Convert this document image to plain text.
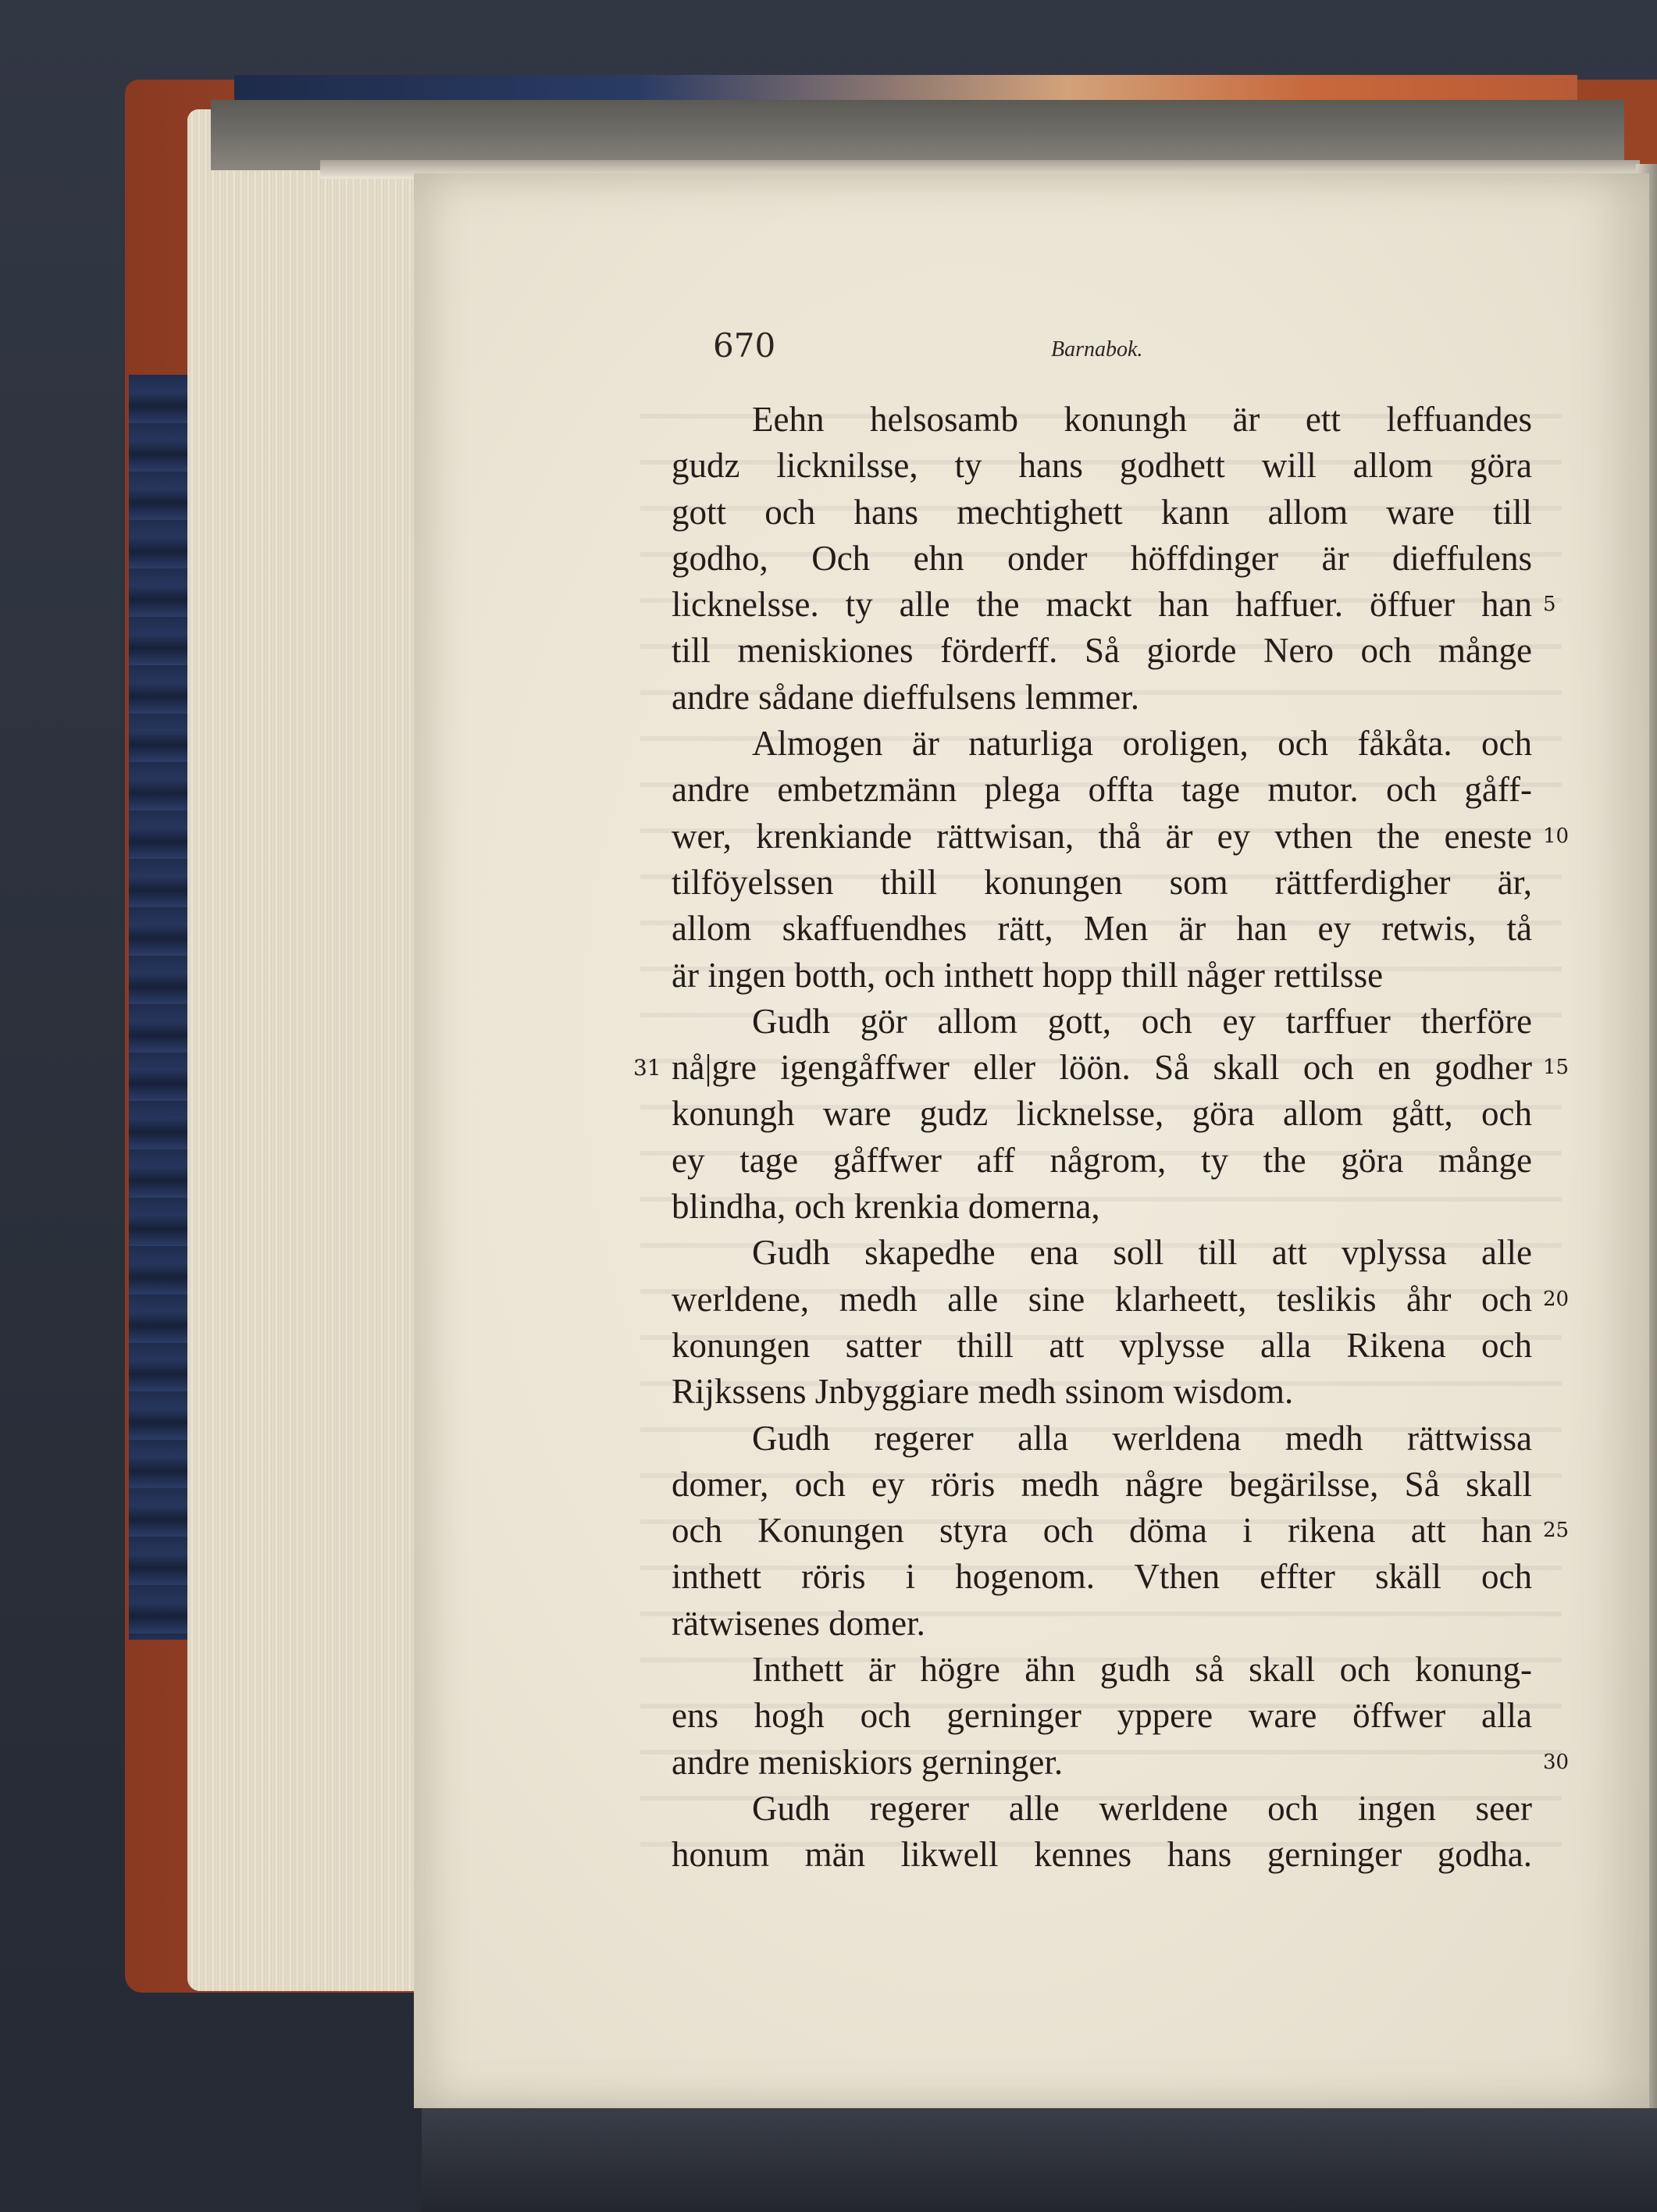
670	Barnabok.
Eehn helsosamb konungh är ett leffuandes
gudz licknilsse, ty hans godhett will allom göra
gott och hans mechtighett kann allom ware till
godho, Och ehn onder höffdinger är dieffulens
licknelsse. ty alle the mackt han haffuer. öffuer han 5
till meniskiones förderff. Så giorde Nero och månge
andre sådane dieffulsens lemmer.
Almogen är naturliga oroligen, och fåkåta. och
andre embetzmänn plega offta tage mutor. och gåff-
wer, krenkiande rättwisan, thå är ey vthen the eneste 10
tilföyelssen thill konungen som rättferdigher är,
allom skaffuendhes rätt, Men är han ey retwis, tå
är ingen botth, och inthett hopp thill någer rettilsse
Gudh gör allom gott, och ey tarffuer therföre
nå|gre igengåffwer eller löön. Så skall och en godher 15
31
konungh ware gudz licknelsse, göra allom gått, och
ey tage gåffwer aff någrom, ty the göra månge
blindha, och krenkia domerna,
Gudh skapedhe ena soll till att vplyssa alle
werldene, medh alle sine klarheett, teslikis åhr och 20
konungen satter thill att vplysse alla Rikena och
Rijkssens Jnbyggiare medh ssinom wisdom.
Gudh regerer alla werldena medh rättwissa
domer, och ey röris medh någre begärilsse, Så skall
och Konungen styra och döma i rikena att han 25
inthett röris i hogenom. Vthen effter skäll och
rätwisenes domer.
Inthett är högre ähn gudh så skall och konung-
ens hogh och gerninger yppere ware öffwer alla
andre meniskiors gerninger.	30
Gudh regerer alle werldene och ingen seer
honum män likwell kennes hans gerninger godha.
